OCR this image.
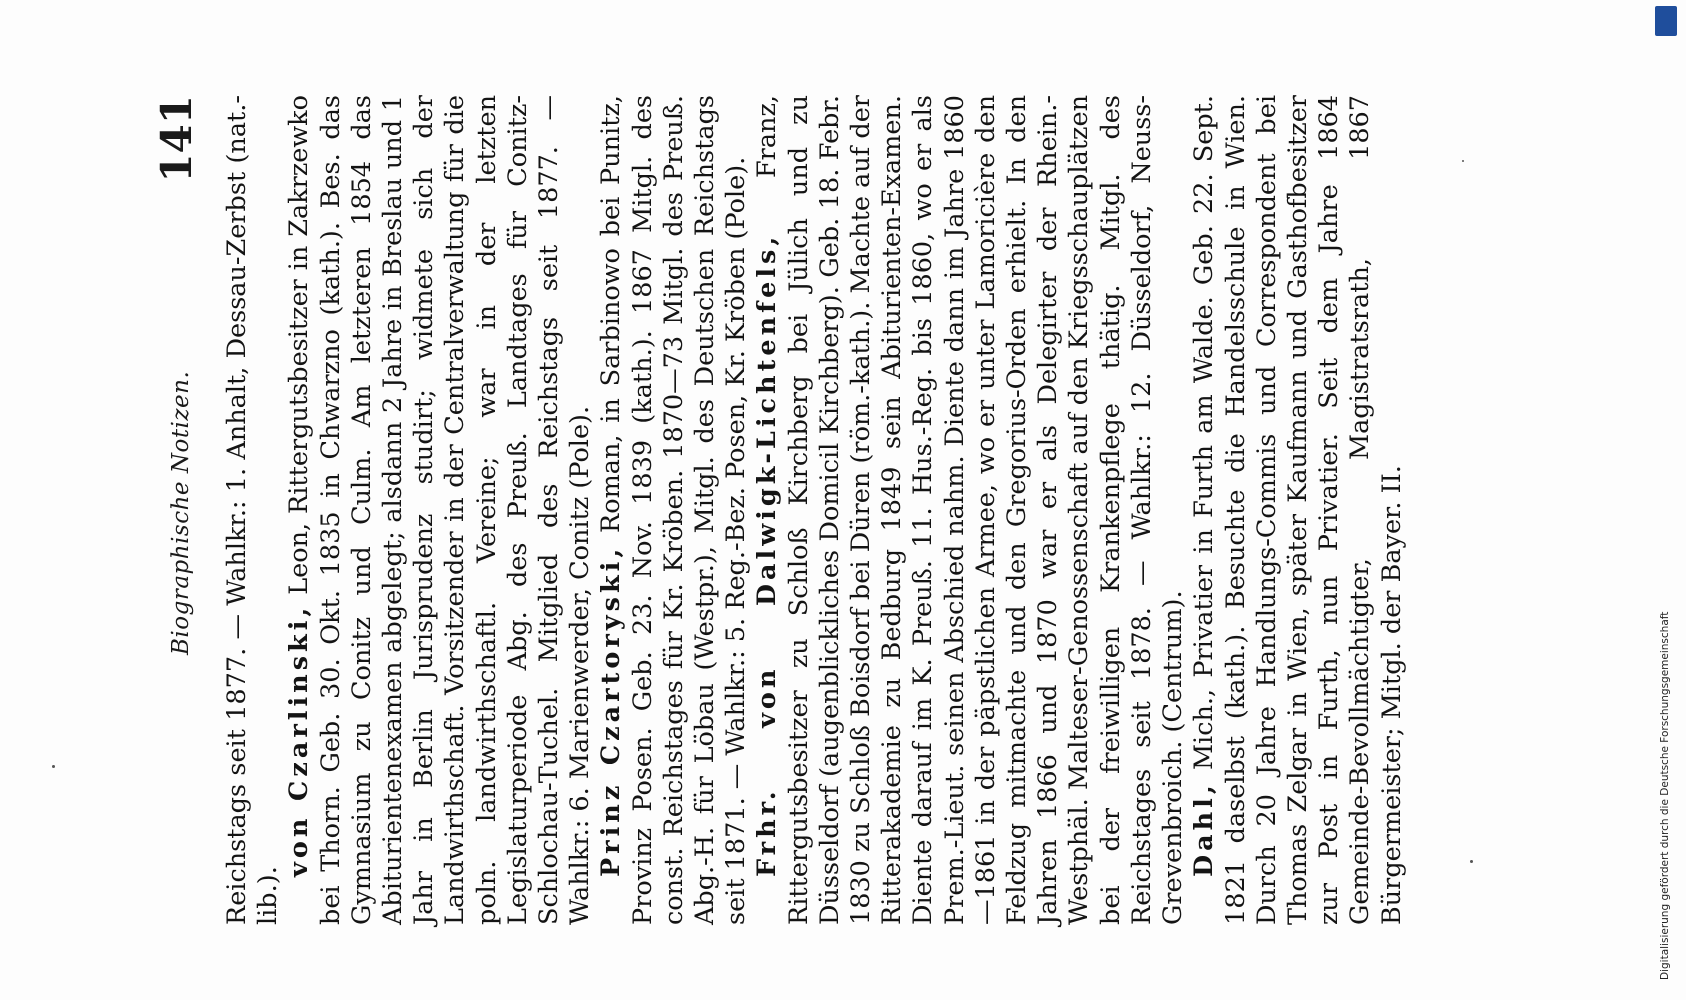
Biographische Notizen.
141 Reichstags seit 1877. — Wahlkr.: 1. Anhalt, Dessau-Zerbst (nat.-lib.).

von Czarlinski, Leon, Rittergutsbesitzer in Zakrzewko bei Thorn. Geb. 30. Okt. 1835 in Chwarzno (kath.). Bes. das Gymnasium zu Conitz und Culm. Am letzteren 1854 das Abiturientenexamen abgelegt; alsdann 2 Jahre in Breslau und 1 Jahr in Berlin Jurisprudenz studirt; widmete sich der Landwirthschaft. Vorsitzender in der Centralverwaltung für die poln. landwirthschaftl. Vereine; war in der letzten Legislaturperiode Abg. des Preuß. Landtages für Conitz-Schlochau-Tuchel. Mitglied des Reichstags seit 1877. — Wahlkr.: 6. Marienwerder, Conitz (Pole). Prinz Czartoryski, Roman, in Sarbinowo bei Punitz, Provinz Posen. Geb. 23. Nov. 1839 (kath.). 1867 Mitgl. des const. Reichstages für Kr. Kröben. 1870—73 Mitgl. des Preuß. Abg.-H. für Löbau (Westpr.), Mitgl. des Deutschen Reichstags seit 1871. — Wahlkr.: 5. Reg.-Bez. Posen, Kr. Kröben (Pole). Frhr. von Dalwigk-Lichtenfels, Franz, Rittergutsbesitzer zu Schloß Kirchberg bei Jülich und zu Düsseldorf (augenblickliches Domicil Kirchberg). Geb. 18. Febr. 1830 zu Schloß Boisdorf bei Düren (röm.-kath.). Machte auf der Ritterakademie zu Bedburg 1849 sein Abiturienten-Examen. Diente darauf im K. Preuß. 11. Hus.-Reg. bis 1860, wo er als Prem.-Lieut. seinen Abschied nahm. Diente dann im Jahre 1860—1861 in der päpstlichen Armee, wo er unter Lamoricière den Feldzug mitmachte und den Gregorius-Orden erhielt. In den Jahren 1866 und 1870 war er als Delegirter der Rhein.-Westphäl. Malteser-Genossenschaft auf den Kriegsschauplätzen bei der freiwilligen Krankenpflege thätig. Mitgl. des Reichstages seit 1878. — Wahlkr.: 12. Düsseldorf, Neuss-Grevenbroich. (Centrum). Dahl, Mich., Privatier in Furth am Walde. Geb. 22. Sept. 1821 daselbst (kath.). Besuchte die Handelsschule in Wien. Durch 20 Jahre Handlungs-Commis und Correspondent bei Thomas Zelgar in Wien, später Kaufmann und Gasthofbesitzer zur Post in Furth, nun Privatier. Seit dem Jahre 1864 Gemeinde-Bevollmächtigter, Magistratsrath, 1867 Bürgermeister; Mitgl. der Bayer. II.	Digitalisierung gefördert durch die Deutsche Forschungsgemeinschaft
